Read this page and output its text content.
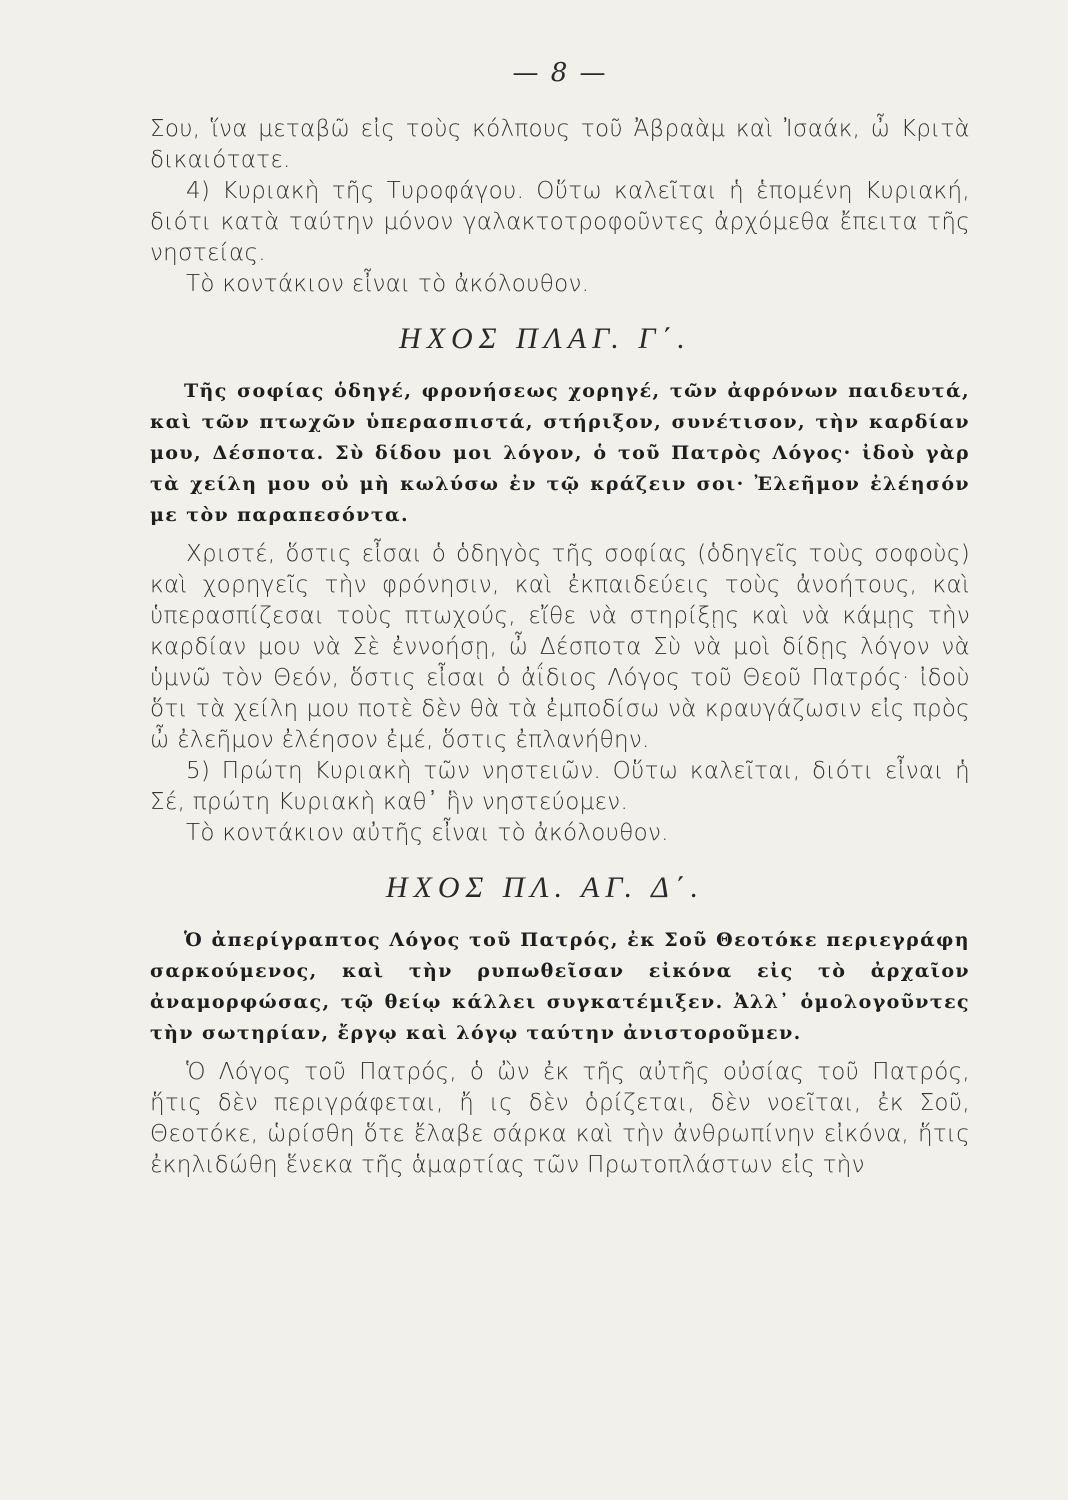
— 8 —

Σου, ἵνα μεταβῶ εἰς τοὺς κόλπους τοῦ Ἀβραὰμ καὶ Ἰσαάκ, ὦ Κριτὰ δικαιότατε.

4) Κυριακὴ τῆς Τυροφάγου. Οὕτω καλεῖται ἡ ἑπομένη Κυριακή, διότι κατὰ ταύτην μόνον γαλακτοτροφοῦντες ἀρχόμεθα ἔπειτα τῆς νηστείας.

Τὸ κοντάκιον εἶναι τὸ ἀκόλουθον.

ΗΧΟΣ ΠΛΑΓ. Γ΄.

Τῆς σοφίας ὁδηγέ, φρονήσεως χορηγέ, τῶν ἀφρόνων παιδευτά, καὶ τῶν πτωχῶν ὑπερασπιστά, στήριξον, συνέτισον, τὴν καρδίαν μου, Δέσποτα. Σὺ δίδου μοι λόγον, ὁ τοῦ Πατρὸς Λόγος· ἰδοὺ γὰρ τὰ χείλη μου οὐ μὴ κωλύσω ἐν τῷ κράζειν σοι· Ἐλεῆμον ἐλέησόν με τὸν παραπεσόντα.

Χριστέ, ὅστις εἶσαι ὁ ὁδηγὸς τῆς σοφίας (ὁδηγεῖς τοὺς σοφοὺς) καὶ χορηγεῖς τὴν φρόνησιν, καὶ ἐκπαιδεύεις τοὺς ἀνοήτους, καὶ ὑπερασπίζεσαι τοὺς πτωχούς, εἴθε νὰ στηρίξῃς καὶ νὰ κάμῃς τὴν καρδίαν μου νὰ Σὲ ἐννοήσῃ, ὦ Δέσποτα Σὺ νὰ μοὶ δίδῃς λόγον νὰ ὑμνῶ τὸν Θεόν, ὅστις εἶσαι ὁ ἀΐδιος Λόγος τοῦ Θεοῦ Πατρός· ἰδοὺ ὅτι τὰ χείλη μου ποτὲ δὲν θὰ τὰ ἐμποδίσω νὰ κραυγάζωσιν εἰς πρὸς ὦ ἐλεῆμον ἐλέησον ἐμέ, ὅστις ἐπλανήθην.

5) Πρώτη Κυριακὴ τῶν νηστειῶν. Οὕτω καλεῖται, διότι εἶναι ἡ Σέ, πρώτη Κυριακὴ καθ᾽ ἣν νηστεύομεν.

Τὸ κοντάκιον αὐτῆς εἶναι τὸ ἀκόλουθον.

ΗΧΟΣ ΠΛ. ΑΓ. Δ΄.

Ὁ ἀπερίγραπτος Λόγος τοῦ Πατρός, ἐκ Σοῦ Θεοτόκε περιεγράφη σαρκούμενος, καὶ τὴν ρυπωθεῖσαν εἰκόνα εἰς τὸ ἀρχαῖον ἀναμορφώσας, τῷ θείῳ κάλλει συγκατέμιξεν. Ἀλλ᾽ ὁμολογοῦντες τὴν σωτηρίαν, ἔργῳ καὶ λόγῳ ταύτην ἀνιστοροῦμεν.

Ὁ Λόγος τοῦ Πατρός, ὁ ὢν ἐκ τῆς αὐτῆς οὐσίας τοῦ Πατρός, ἥτις δὲν περιγράφεται, ἤ ις δὲν ὁρίζεται, δὲν νοεῖται, ἐκ Σοῦ, Θεοτόκε, ὡρίσθη ὅτε ἔλαβε σάρκα καὶ τὴν ἀνθρωπίνην εἰκόνα, ἥτις ἐκηλιδώθη ἕνεκα τῆς ἁμαρτίας τῶν Πρωτοπλάστων εἰς τὴν
